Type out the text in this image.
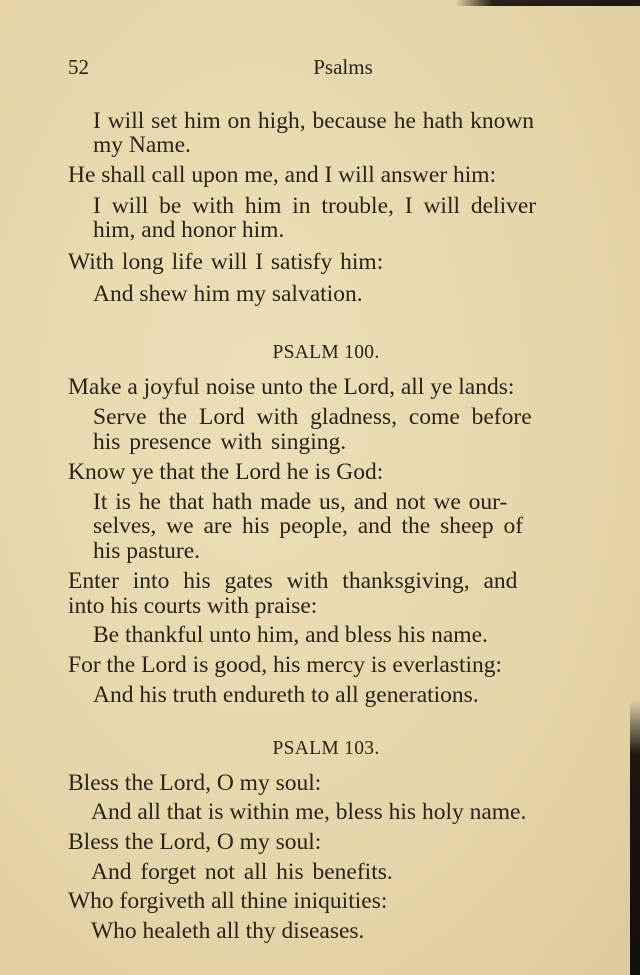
52	Psalms
I will set him on high, because he hath known
my Name.
He shall call upon me, and I will answer him:
I will be with him in trouble, I will deliver
him, and honor him.
With long life will I satisfy him:
And shew him my salvation.
PSALM 100.
Make a joyful noise unto the Lord, all ye lands:
Serve the Lord with gladness, come before
his presence with singing.
Know ye that the Lord he is God:
It is he that hath made us, and not we our-
selves, we are his people, and the sheep of
his pasture.
Enter into his gates with thanksgiving, and
into his courts with praise:
Be thankful unto him, and bless his name.
For the Lord is good, his mercy is everlasting:
And his truth endureth to all generations.
PSALM 103.
Bless the Lord, O my soul:
And all that is within me, bless his holy name.
Bless the Lord, O my soul:
And forget not all his benefits.
Who forgiveth all thine iniquities:
Who healeth all thy diseases.
